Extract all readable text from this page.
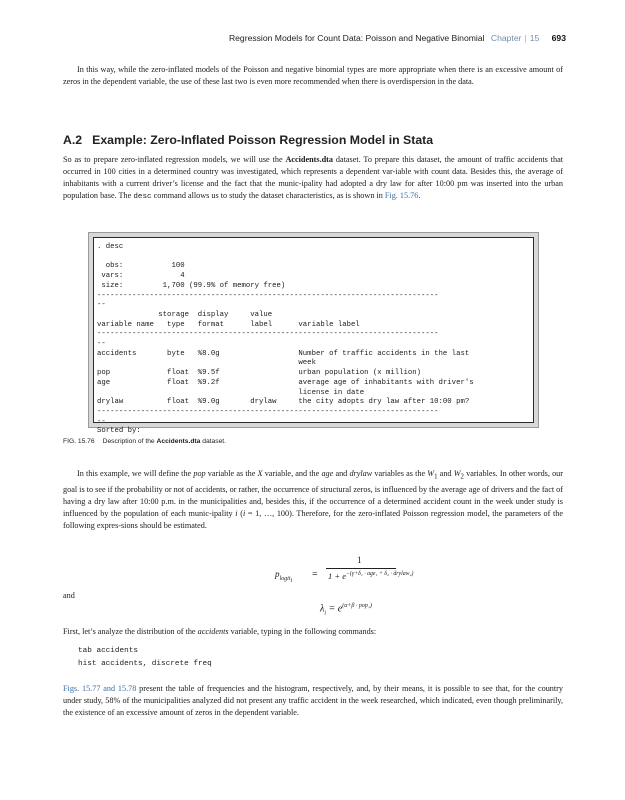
Regression Models for Count Data: Poisson and Negative Binomial Chapter | 15 693

In this way, while the zero-inflated models of the Poisson and negative binomial types are more appropriate when there is an excessive amount of zeros in the dependent variable, the use of these last two is even more recommended when there is overdispersion in the data.

A.2 Example: Zero-Inflated Poisson Regression Model in Stata

So as to prepare zero-inflated regression models, we will use the Accidents.dta dataset. To prepare this dataset, the amount of traffic accidents that occurred in 100 cities in a determined country was investigated, which represents a dependent var-iable with count data. Besides this, the average of inhabitants with a current driver’s license and the fact that the munic-ipality had adopted a dry law for after 10:00 pm was inserted into the urban population base. The desc command allows us to study the dataset characteristics, as is shown in Fig. 15.76.

. desc

obs:           100
vars:             4
size:         1,700 (99.9% of memory free)
------------------------------------------------------------------------------
--
storage  display     value
variable name   type   format      label      variable label
------------------------------------------------------------------------------
--
accidents       byte   %8.0g                  Number of traffic accidents in the last
week
pop             float  %9.5f                  urban population (x million)
age             float  %9.2f                  average age of inhabitants with driver's
license in date
drylaw          float  %9.0g       drylaw     the city adopts dry law after 10:00 pm?
------------------------------------------------------------------------------
--
Sorted by:
FIG. 15.76 Description of the Accidents.dta dataset.

In this example, we will define the pop variable as the X variable, and the age and drylaw variables as the $W_1$ and $W_2$ variables. In other words, our goal is to see if the probability or not of accidents, or rather, the occurrence of structural zeros, is influenced by the average age of drivers and the fact of having a dry law after 10:00 p.m. in the municipalities and, besides this, if the occurrence of a determined accident count in the week under study is influenced by the population of each munic-ipality i (i = 1, …, 100). Therefore, for the zero-inflated Poisson regression model, the parameters of the following expres-sions should be estimated.

$p_{logit_i}$
=
1
$1 + e^{-(\gamma+\delta_1 \cdot age_1 + \delta_2 \cdot drylaw_2)}$
and
$\lambda_i = e^{(\alpha+\beta \cdot pop_1)}$

First, let’s analyze the distribution of the accidents variable, typing in the following commands:

tab accidents
hist accidents, discrete freq

Figs. 15.77 and 15.78 present the table of frequencies and the histogram, respectively, and, by their means, it is possible to see that, for the country under study, 58% of the municipalities analyzed did not present any traffic accident in the week researched, which indicated, even though preliminarily, the existence of an excessive amount of zeros in the dependent variable.
